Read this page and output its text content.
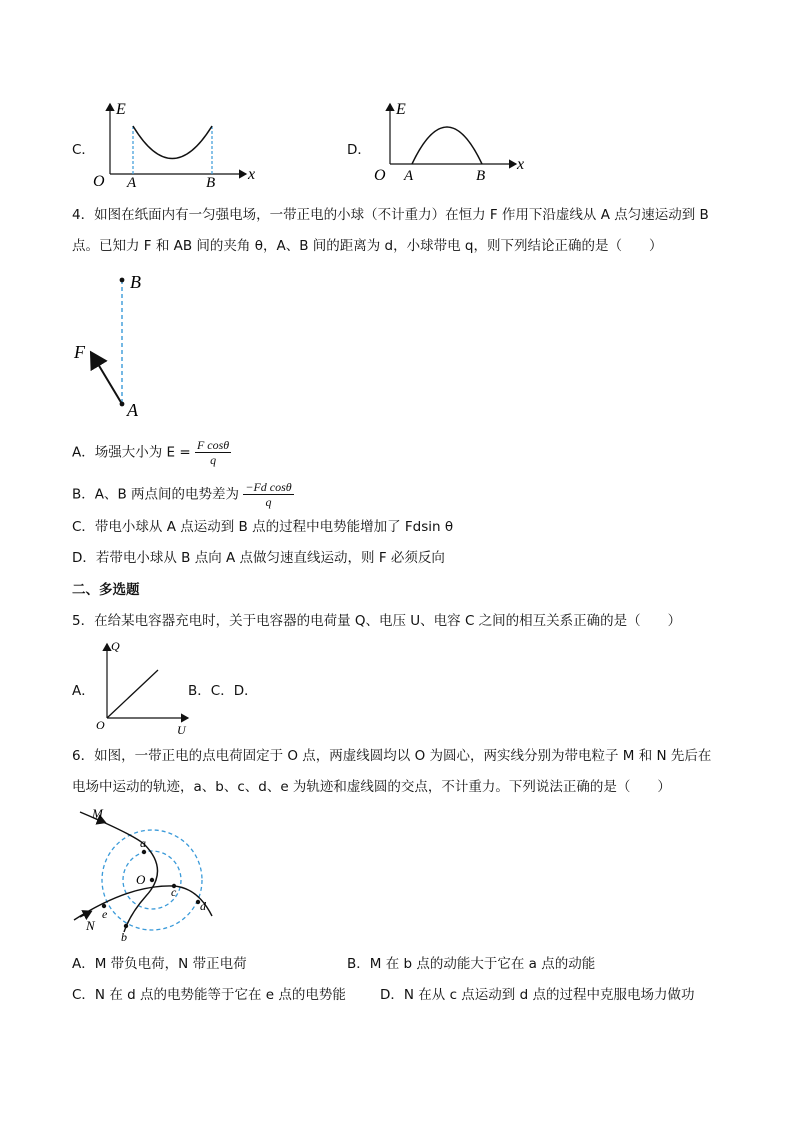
C．
E
x
O A	B
D．
E
x
O A	B
4．如图在纸面内有一匀强电场，一带正电的小球（不计重力）在恒力 F 作用下沿虚线从 A 点匀速运动到 B
点。已知力 F 和 AB 间的夹角 θ，A、B 间的距离为 d，小球带电 q，则下列结论正确的是（　　）
B
A
F
A．场强大小为 $E = \frac{\text{F cosθ}}{q}$
B．A、B 两点间的电势差为 $\frac{\text{−Fd cosθ}}{q}$
C．带电小球从 A 点运动到 B 点的过程中电势能增加了 Fdsin θ
D．若带电小球从 B 点向 A 点做匀速直线运动，则 F 必须反向
二、多选题
5．在给某电容器充电时，关于电容器的电荷量 Q、电压 U、电容 C 之间的相互关系正确的是（　　）
A．
Q
U
O
B．C．D．
6．如图，一带正电的点电荷固定于 O 点，两虚线圆均以 O 为圆心，两实线分别为带电粒子 M 和 N 先后在
电场中运动的轨迹，a、b、c、d、e 为轨迹和虚线圆的交点，不计重力。下列说法正确的是（　　）
M
N
O
a
b
c
d
e
A．M 带负电荷，N 带正电荷	B．M 在 b 点的动能大于它在 a 点的动能
C．N 在 d 点的电势能等于它在 e 点的电势能	D．N 在从 c 点运动到 d 点的过程中克服电场力做功
